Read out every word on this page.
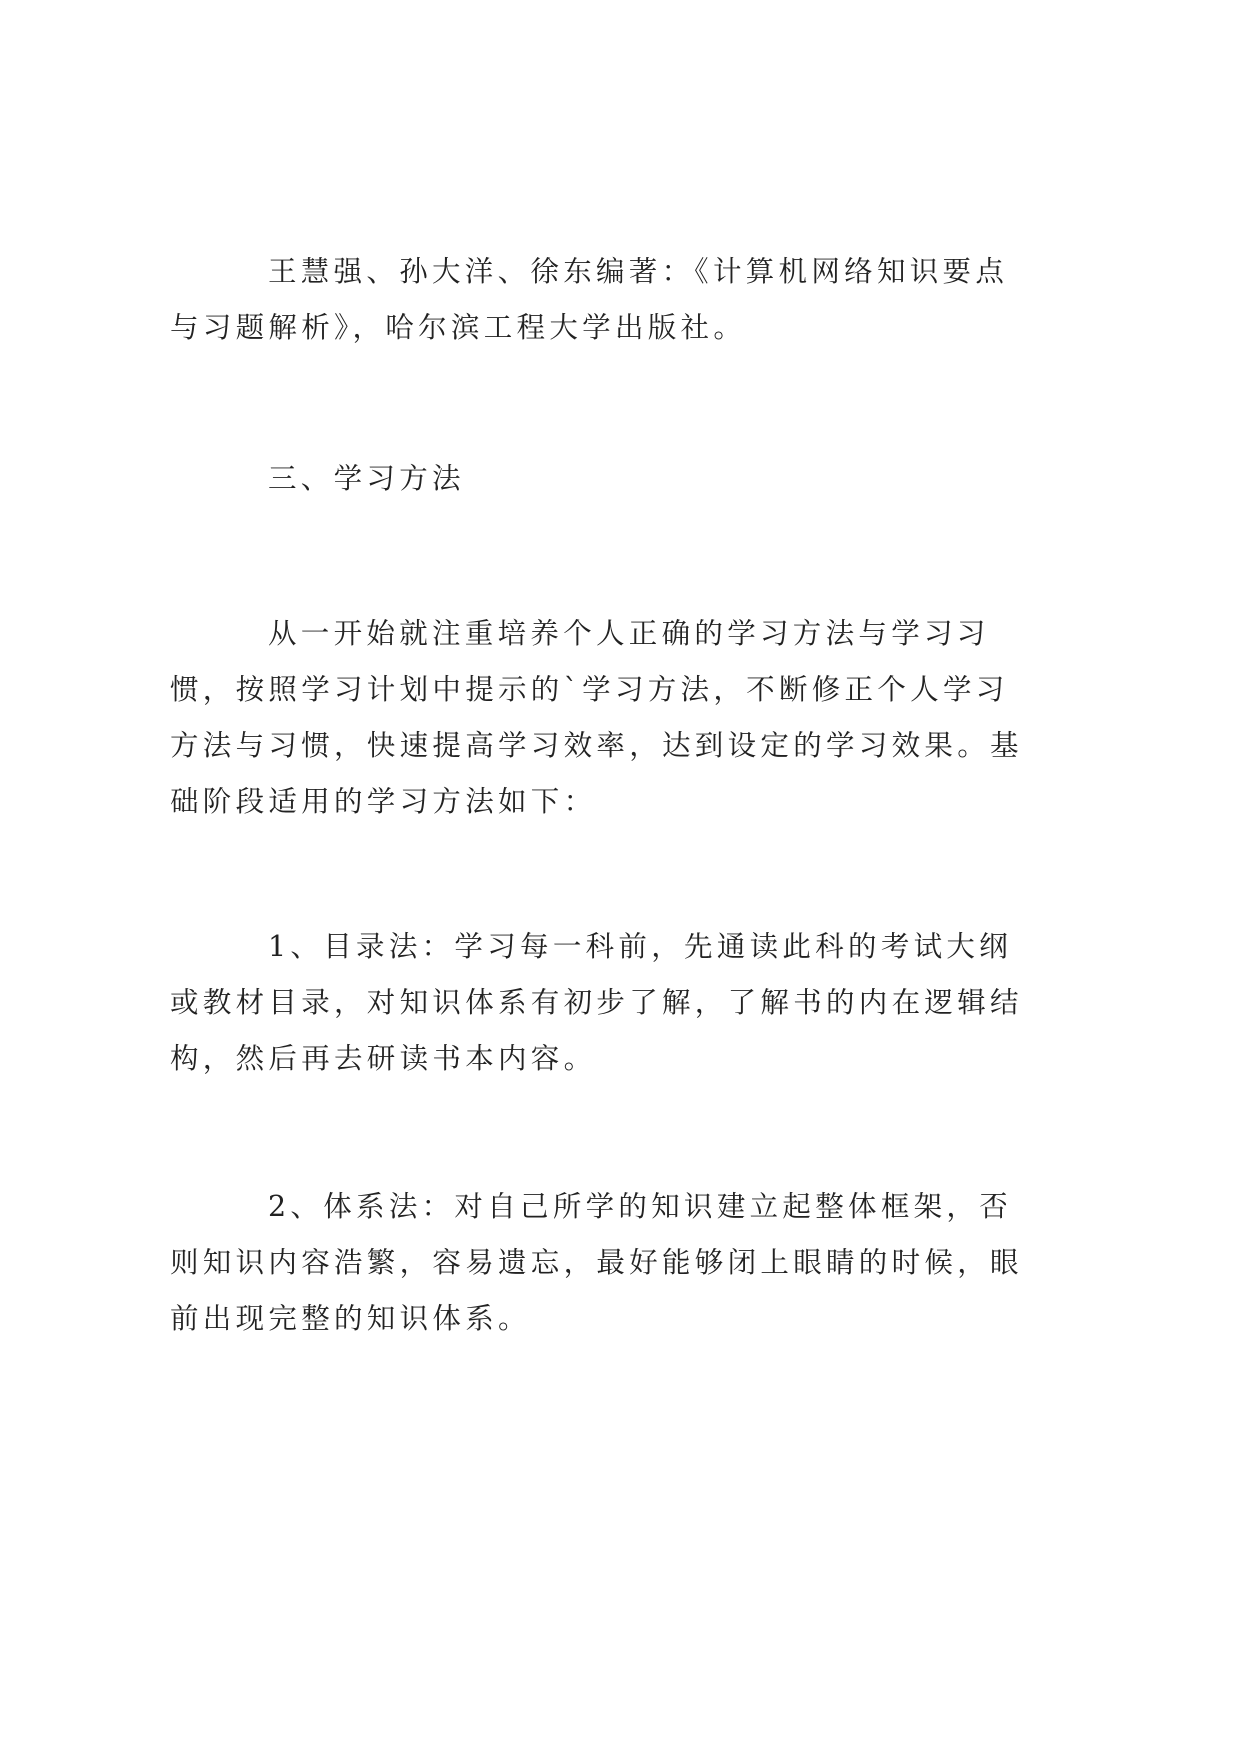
王慧强、孙大洋、徐东编著：《计算机网络知识要点
与习题解析》，哈尔滨工程大学出版社。
三、学习方法
从一开始就注重培养个人正确的学习方法与学习习
惯，按照学习计划中提示的`学习方法，不断修正个人学习
方法与习惯，快速提高学习效率，达到设定的学习效果。基
础阶段适用的学习方法如下：
1、目录法：学习每一科前，先通读此科的考试大纲
或教材目录，对知识体系有初步了解，了解书的内在逻辑结
构，然后再去研读书本内容。
2、体系法：对自己所学的知识建立起整体框架，否
则知识内容浩繁，容易遗忘，最好能够闭上眼睛的时候，眼
前出现完整的知识体系。
